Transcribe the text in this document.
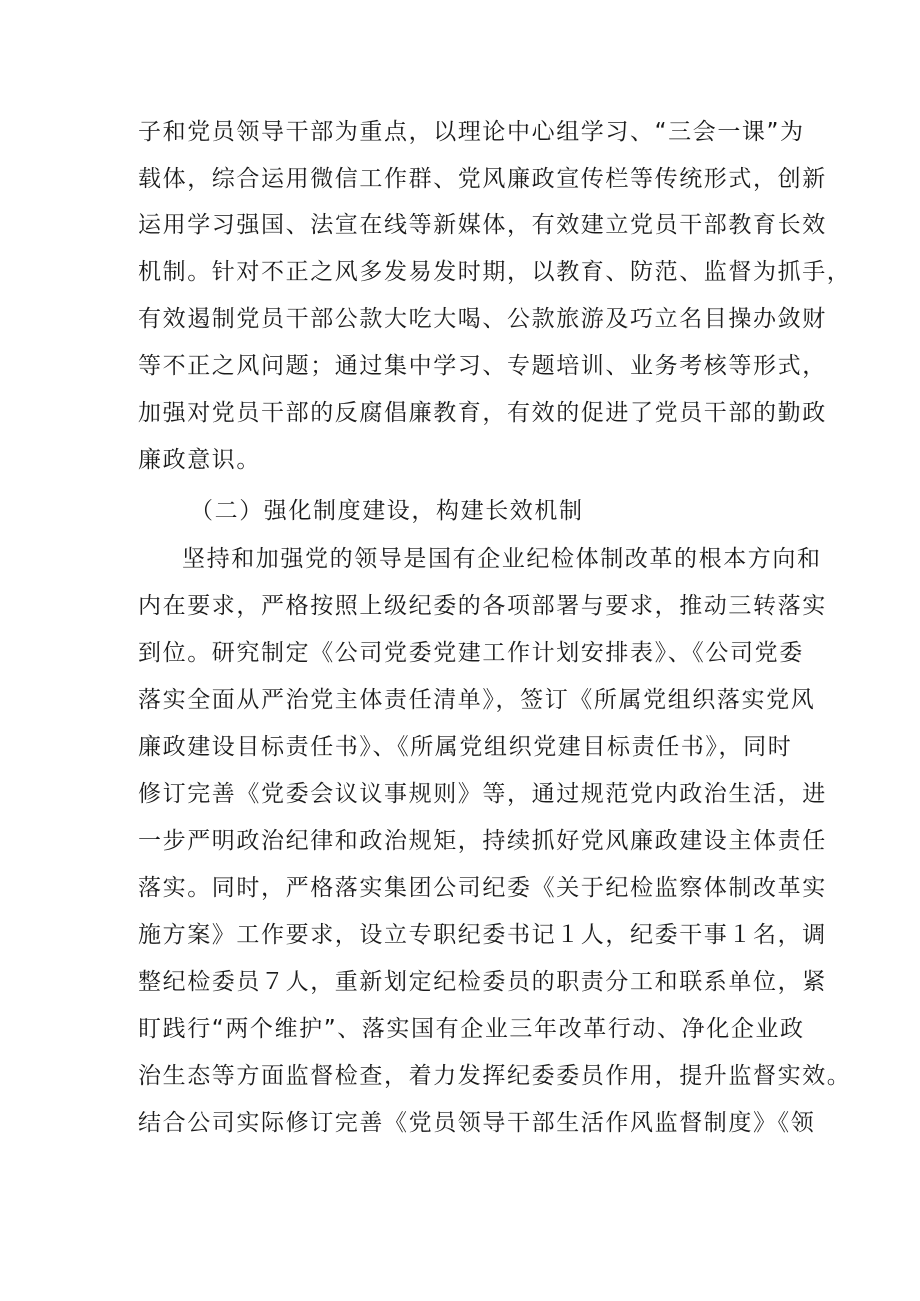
子和党员领导干部为重点，以理论中心组学习、“三会一课”为
载体，综合运用微信工作群、党风廉政宣传栏等传统形式，创新
运用学习强国、法宣在线等新媒体，有效建立党员干部教育长效
机制。针对不正之风多发易发时期，以教育、防范、监督为抓手，
有效遏制党员干部公款大吃大喝、公款旅游及巧立名目操办敛财
等不正之风问题；通过集中学习、专题培训、业务考核等形式，
加强对党员干部的反腐倡廉教育，有效的促进了党员干部的勤政
廉政意识。
（二）强化制度建设，构建长效机制
坚持和加强党的领导是国有企业纪检体制改革的根本方向和
内在要求，严格按照上级纪委的各项部署与要求，推动三转落实
到位。研究制定《公司党委党建工作计划安排表》、《公司党委
落实全面从严治党主体责任清单》，签订《所属党组织落实党风
廉政建设目标责任书》、《所属党组织党建目标责任书》，同时
修订完善《党委会议议事规则》等，通过规范党内政治生活，进
一步严明政治纪律和政治规矩，持续抓好党风廉政建设主体责任
落实。同时，严格落实集团公司纪委《关于纪检监察体制改革实
施方案》工作要求，设立专职纪委书记１人，纪委干事１名，调
整纪检委员７人，重新划定纪检委员的职责分工和联系单位，紧
盯践行“两个维护”、落实国有企业三年改革行动、净化企业政
治生态等方面监督检查，着力发挥纪委委员作用，提升监督实效。
结合公司实际修订完善《党员领导干部生活作风监督制度》《领
